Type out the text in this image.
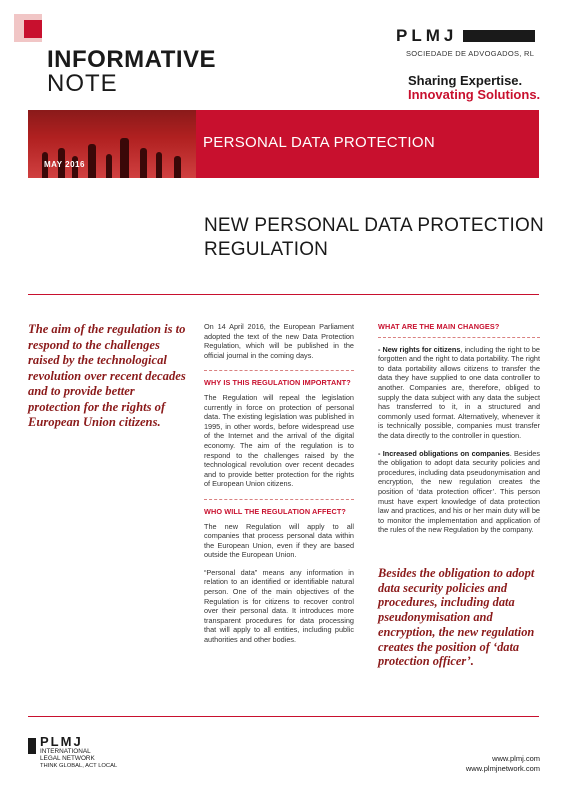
INFORMATIVE
NOTE
PLMJ
SOCIEDADE DE ADVOGADOS, RL
Sharing Expertise.
Innovating Solutions.
MAY 2016
PERSONAL DATA PROTECTION
NEW PERSONAL DATA PROTECTION
REGULATION
The aim of the regulation is to respond to the challenges raised by the technological revolution over recent decades and to provide better protection for the rights of European Union citizens.

On 14 April 2016, the European Parliament adopted the text of the new Data Protection Regulation, which will be published in the official journal in the coming days.

WHY IS THIS REGULATION IMPORTANT?

The Regulation will repeal the legislation currently in force on protection of personal data. The existing legislation was published in 1995, in other words, before widespread use of the Internet and the arrival of the digital economy. The aim of the regulation is to respond to the challenges raised by the technological revolution over recent decades and to provide better protection for the rights of European Union citizens.

WHO WILL THE REGULATION AFFECT?

The new Regulation will apply to all companies that process personal data within the European Union, even if they are based outside the European Union.

“Personal data” means any information in relation to an identified or identifiable natural person. One of the main objectives of the Regulation is for citizens to recover control over their personal data. It introduces more transparent procedures for data processing that will apply to all entities, including public authorities and other bodies.

WHAT ARE THE MAIN CHANGES?

- New rights for citizens, including the right to be forgotten and the right to data portability. The right to data portability allows citizens to transfer the data they have supplied to one data controller to another. Companies are, therefore, obliged to supply the data subject with any data the subject has transferred to it, in a structured and commonly used format. Alternatively, whenever it is technically possible, companies must transfer the data directly to the controller in question.

- Increased obligations on companies. Besides the obligation to adopt data security policies and procedures, including data pseudonymisation and encryption, the new regulation creates the position of ‘data protection officer’. This person must have expert knowledge of data protection law and practices, and his or her main duty will be to monitor the implementation and application of the rules of the new Regulation by the company.

Besides the obligation to adopt data security policies and procedures, including data pseudonymisation and encryption, the new regulation creates the position of ‘data protection officer’.
PLMJ
INTERNATIONAL
LEGAL NETWORK
THINK GLOBAL, ACT LOCAL
www.plmj.com
www.plmjnetwork.com
